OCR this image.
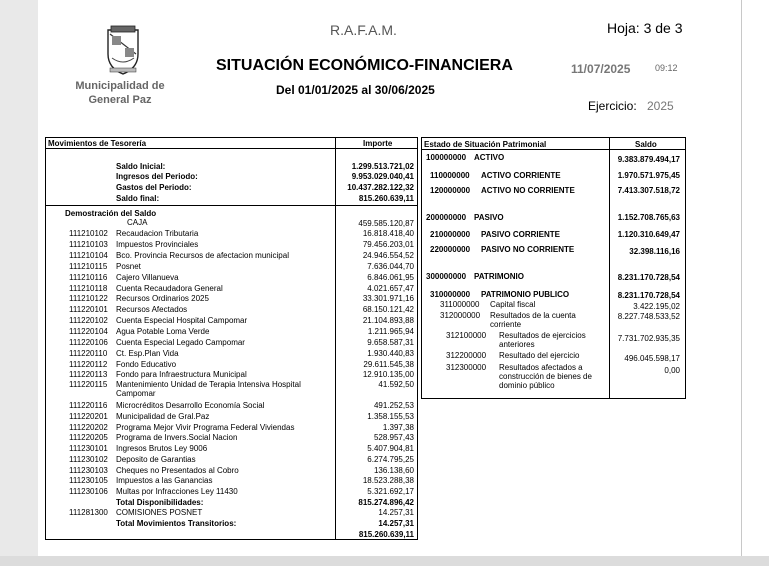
R.A.F.A.M.	Hoja: 3 de 3
Municipalidad de
General Paz
SITUACIÓN ECONÓMICO-FINANCIERA
Del 01/01/2025 al 30/06/2025
11/07/2025	09:12
Ejercicio: 2025
Movimientos de Tesorería	Importe
Saldo Inicial:	1.299.513.721,02
Ingresos del Periodo:	9.953.029.040,41
Gastos del Periodo:	10.437.282.122,32
Saldo final:	815.260.639,11
Demostración del Saldo
CAJA	459.585.120,87
111210102 Recaudacion Tributaria	16.818.418,40
111210103 Impuestos Provinciales	79.456.203,01
111210104 Bco. Provincia Recursos de afectacion municipal	24.946.554,52
111210115 Posnet	7.636.044,70
111210116 Cajero Villanueva	6.846.061,95
111210118 Cuenta Recaudadora General	4.021.657,47
111210122 Recursos Ordinarios 2025	33.301.971,16
111220101 Recursos Afectados	68.150.121,42
111220102 Cuenta Especial Hospital Campomar	21.104.893,88
111220104 Agua Potable Loma Verde	1.211.965,94
111220106 Cuenta Especial Legado Campomar	9.658.587,31
111220110 Ct. Esp.Plan Vida	1.930.440,83
111220112 Fondo Educativo	29.611.545,38
111220113 Fondo para Infraestructura Municipal	12.910.135,00
111220115 Mantenimiento Unidad de Terapia Intensiva Hospital
Campomar
41.592,50
111220116 Microcréditos Desarrollo Economía Social	491.252,53
111220201 Municipalidad de Gral.Paz	1.358.155,53
111220202 Programa Mejor Vivir Programa Federal Viviendas	1.397,38
111220205 Programa de Invers.Social Nacion	528.957,43
111230101 Ingresos Brutos Ley 9006	5.407.904,81
111230102 Deposito de Garantias	6.274.795,25
111230103 Cheques no Presentados al Cobro	136.138,60
111230105 Impuestos a las Ganancias	18.523.288,38
111230106 Multas por Infracciones Ley 11430	5.321.692,17
Total Disponibilidades:	815.274.896,42
111281300 COMISIONES POSNET	14.257,31
Total Movimientos Transitorios:	14.257,31
815.260.639,11
Estado de Situación Patrimonial	Saldo
100000000 ACTIVO	9.383.879.494,17
110000000 ACTIVO CORRIENTE	1.970.571.975,45
120000000 ACTIVO NO CORRIENTE	7.413.307.518,72
200000000 PASIVO	1.152.708.765,63
210000000 PASIVO CORRIENTE	1.120.310.649,47
220000000 PASIVO NO CORRIENTE	32.398.116,16
300000000 PATRIMONIO	8.231.170.728,54
310000000 PATRIMONIO PUBLICO	8.231.170.728,54
311000000 Capital fiscal	3.422.195,02
312000000 Resultados de la cuenta
corriente
8.227.748.533,52
312100000 Resultados de ejercicios
anteriores
7.731.702.935,35
312200000 Resultado del ejercicio	496.045.598,17
312300000 Resultados afectados a
construcción de bienes de
dominio público
0,00
